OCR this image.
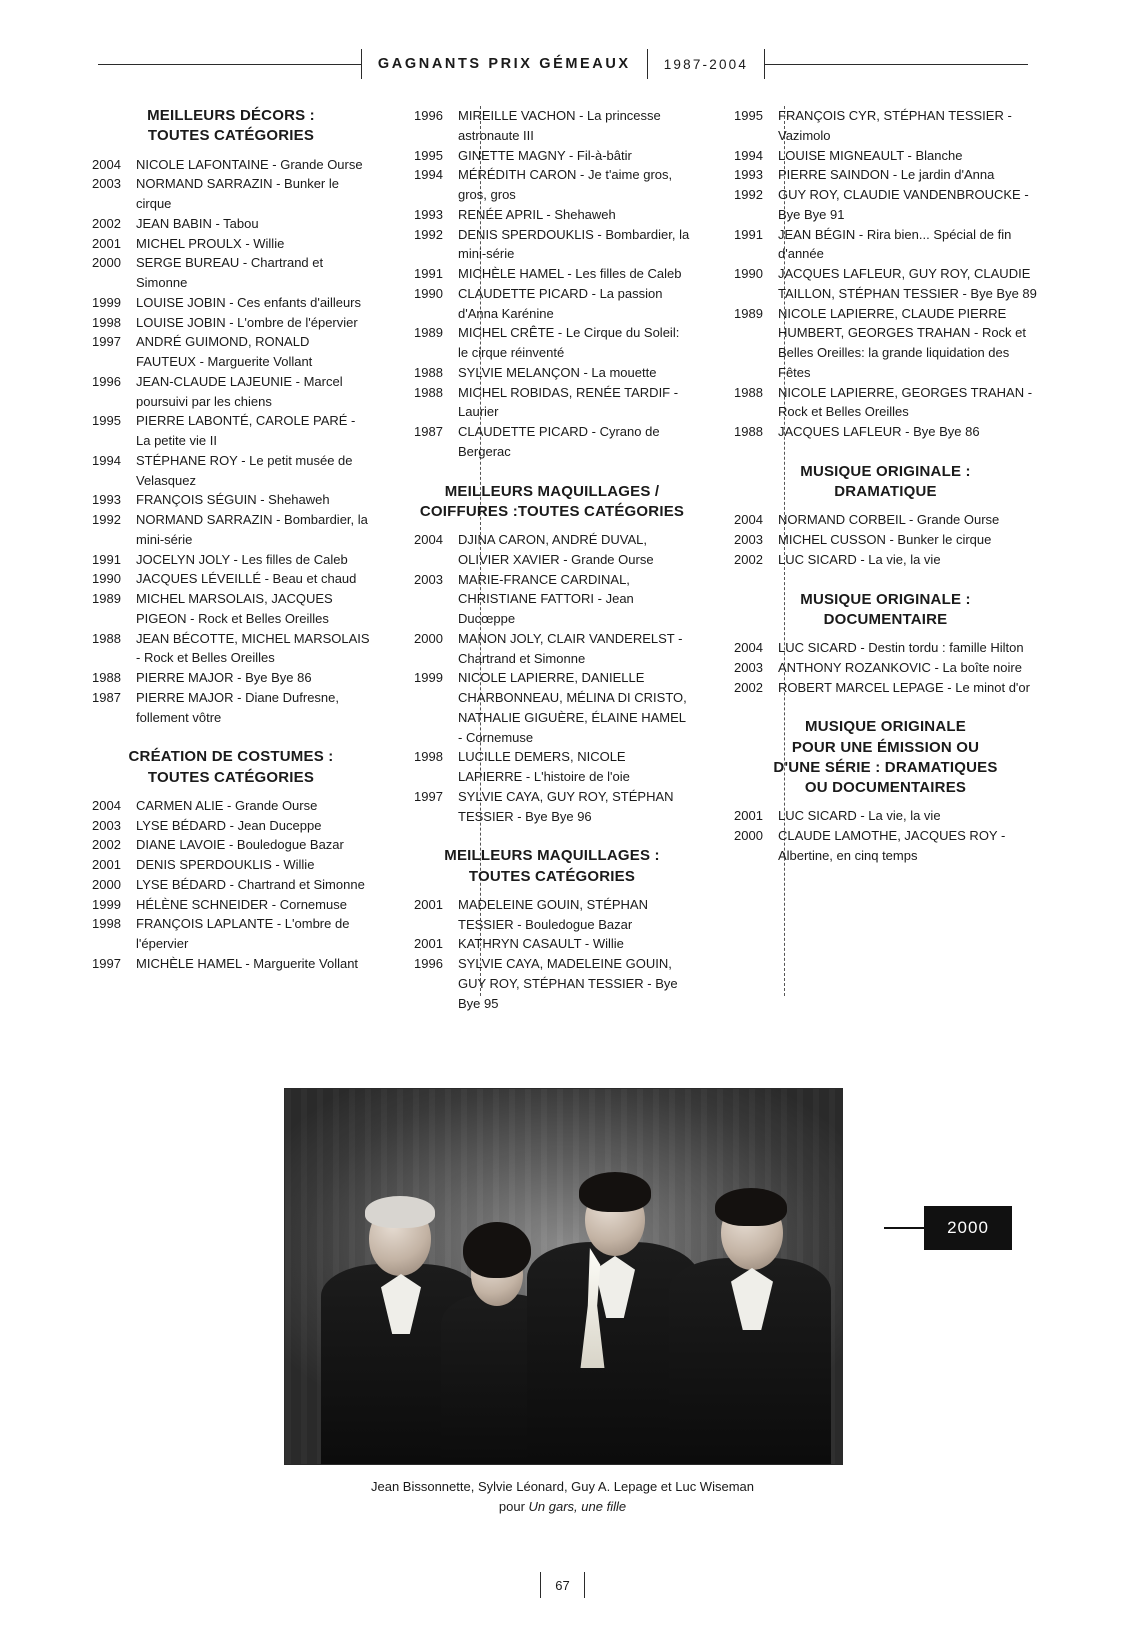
GAGNANTS PRIX GÉMEAUX	1987-2004
MEILLEURS DÉCORS :
TOUTES CATÉGORIES
2004	NICOLE LAFONTAINE - Grande Ourse
2003	NORMAND SARRAZIN - Bunker le cirque
2002	JEAN BABIN - Tabou
2001	MICHEL PROULX - Willie
2000	SERGE BUREAU - Chartrand et Simonne
1999	LOUISE JOBIN - Ces enfants d'ailleurs
1998	LOUISE JOBIN - L'ombre de l'épervier
1997	ANDRÉ GUIMOND, RONALD FAUTEUX - Marguerite Vollant
1996	JEAN-CLAUDE LAJEUNIE - Marcel poursuivi par les chiens
1995	PIERRE LABONTÉ, CAROLE PARÉ - La petite vie II
1994	STÉPHANE ROY - Le petit musée de Velasquez
1993	FRANÇOIS SÉGUIN - Shehaweh
1992	NORMAND SARRAZIN - Bombardier, la mini-série
1991	JOCELYN JOLY - Les filles de Caleb
1990	JACQUES LÉVEILLÉ - Beau et chaud
1989	MICHEL MARSOLAIS, JACQUES PIGEON - Rock et Belles Oreilles
1988	JEAN BÉCOTTE, MICHEL MARSOLAIS - Rock et Belles Oreilles
1988	PIERRE MAJOR - Bye Bye 86
1987	PIERRE MAJOR - Diane Dufresne, follement vôtre
CRÉATION DE COSTUMES :
TOUTES CATÉGORIES
2004	CARMEN ALIE - Grande Ourse
2003	LYSE BÉDARD - Jean Duceppe
2002	DIANE LAVOIE - Bouledogue Bazar
2001	DENIS SPERDOUKLIS - Willie
2000	LYSE BÉDARD - Chartrand et Simonne
1999	HÉLÈNE SCHNEIDER - Cornemuse
1998	FRANÇOIS LAPLANTE - L'ombre de l'épervier
1997	MICHÈLE HAMEL - Marguerite Vollant
1996	MIREILLE VACHON - La princesse astronaute III
1995	GINETTE MAGNY - Fil-à-bâtir
1994	MÉRÉDITH CARON - Je t'aime gros, gros, gros
1993	RENÉE APRIL - Shehaweh
1992	DENIS SPERDOUKLIS - Bombardier, la mini-série
1991	MICHÈLE HAMEL - Les filles de Caleb
1990	CLAUDETTE PICARD - La passion d'Anna Karénine
1989	MICHEL CRÊTE - Le Cirque du Soleil: le cirque réinventé
1988	SYLVIE MELANÇON - La mouette
1988	MICHEL ROBIDAS, RENÉE TARDIF - Laurier
1987	CLAUDETTE PICARD - Cyrano de Bergerac
MEILLEURS MAQUILLAGES /
COIFFURES :TOUTES CATÉGORIES
2004	DJINA CARON, ANDRÉ DUVAL, OLIVIER XAVIER - Grande Ourse
2003	MARIE-FRANCE CARDINAL, CHRISTIANE FATTORI - Jean Ducœppe
2000	MANON JOLY, CLAIR VANDERELST - Chartrand et Simonne
1999	NICOLE LAPIERRE, DANIELLE CHARBONNEAU, MÉLINA DI CRISTO, NATHALIE GIGUÈRE, ÉLAINE HAMEL - Cornemuse
1998	LUCILLE DEMERS, NICOLE LAPIERRE - L'histoire de l'oie
1997	SYLVIE CAYA, GUY ROY, STÉPHAN TESSIER - Bye Bye 96
MEILLEURS MAQUILLAGES :
TOUTES CATÉGORIES
2001	MADELEINE GOUIN, STÉPHAN TESSIER - Bouledogue Bazar
2001	KATHRYN CASAULT - Willie
1996	SYLVIE CAYA, MADELEINE GOUIN, GUY ROY, STÉPHAN TESSIER - Bye Bye 95
1995	FRANÇOIS CYR, STÉPHAN TESSIER - Vazimolo
1994	LOUISE MIGNEAULT - Blanche
1993	PIERRE SAINDON - Le jardin d'Anna
1992	GUY ROY, CLAUDIE VANDENBROUCKE - Bye Bye 91
1991	JEAN BÉGIN - Rira bien... Spécial de fin d'année
1990	JACQUES LAFLEUR, GUY ROY, CLAUDIE TAILLON, STÉPHAN TESSIER - Bye Bye 89
1989	NICOLE LAPIERRE, CLAUDE PIERRE HUMBERT, GEORGES TRAHAN - Rock et Belles Oreilles: la grande liquidation des Fêtes
1988	NICOLE LAPIERRE, GEORGES TRAHAN - Rock et Belles Oreilles
1988	JACQUES LAFLEUR - Bye Bye 86
MUSIQUE ORIGINALE :
DRAMATIQUE
2004	NORMAND CORBEIL - Grande Ourse
2003	MICHEL CUSSON - Bunker le cirque
2002	LUC SICARD - La vie, la vie
MUSIQUE ORIGINALE :
DOCUMENTAIRE
2004	LUC SICARD - Destin tordu : famille Hilton
2003	ANTHONY ROZANKOVIC - La boîte noire
2002	ROBERT MARCEL LEPAGE - Le minot d'or
MUSIQUE ORIGINALE
POUR UNE ÉMISSION OU
D'UNE SÉRIE : DRAMATIQUES
OU DOCUMENTAIRES
2001	LUC SICARD - La vie, la vie
2000	CLAUDE LAMOTHE, JACQUES ROY - Albertine, en cinq temps
Jean Bissonnette, Sylvie Léonard, Guy A. Lepage et Luc Wiseman
pour Un gars, une fille
2000
67
